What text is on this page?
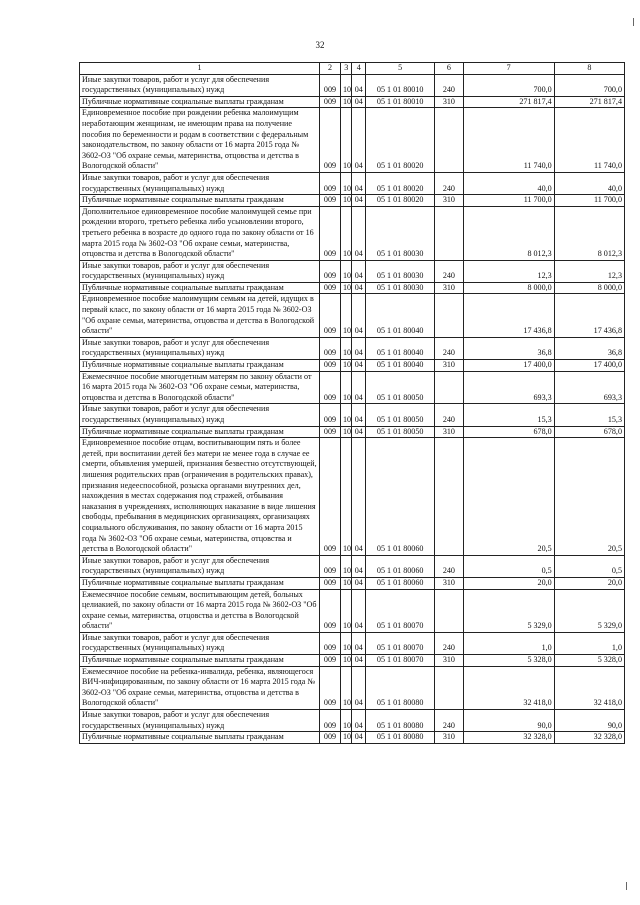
32
1	2	3	4	5	6	7	8
Иные закупки товаров, работ и услуг для обеспечения государственных (муниципальных) нужд	009	10	04	05 1 01 80010	240	700,0	700,0
Публичные нормативные социальные выплаты гражданам	009	10	04	05 1 01 80010	310	271 817,4	271 817,4
Единовременное пособие при рождении ребенка малоимущим неработающим женщинам, не имеющим права на получение пособия по беременности и родам в соответствии с федеральным законодательством, по закону области от 16 марта 2015 года № 3602-ОЗ "Об охране семьи, материнства, отцовства и детства в Вологодской области"	009	10	04	05 1 01 80020		11 740,0	11 740,0
Иные закупки товаров, работ и услуг для обеспечения государственных (муниципальных) нужд	009	10	04	05 1 01 80020	240	40,0	40,0
Публичные нормативные социальные выплаты гражданам	009	10	04	05 1 01 80020	310	11 700,0	11 700,0
Дополнительное единовременное пособие малоимущей семье при рождении второго, третьего ребенка либо усыновлении второго, третьего ребенка в возрасте до одного года по закону области от 16 марта 2015 года № 3602-ОЗ "Об охране семьи, материнства, отцовства и детства в Вологодской области"	009	10	04	05 1 01 80030		8 012,3	8 012,3
Иные закупки товаров, работ и услуг для обеспечения государственных (муниципальных) нужд	009	10	04	05 1 01 80030	240	12,3	12,3
Публичные нормативные социальные выплаты гражданам	009	10	04	05 1 01 80030	310	8 000,0	8 000,0
Единовременное пособие малоимущим семьям на детей, идущих в первый класс, по закону области от 16 марта 2015 года № 3602-ОЗ "Об охране семьи, материнства, отцовства и детства в Вологодской области"	009	10	04	05 1 01 80040		17 436,8	17 436,8
Иные закупки товаров, работ и услуг для обеспечения государственных (муниципальных) нужд	009	10	04	05 1 01 80040	240	36,8	36,8
Публичные нормативные социальные выплаты гражданам	009	10	04	05 1 01 80040	310	17 400,0	17 400,0
Ежемесячное пособие многодетным матерям по закону области от 16 марта 2015 года № 3602-ОЗ "Об охране семьи, материнства, отцовства и детства в Вологодской области"	009	10	04	05 1 01 80050		693,3	693,3
Иные закупки товаров, работ и услуг для обеспечения государственных (муниципальных) нужд	009	10	04	05 1 01 80050	240	15,3	15,3
Публичные нормативные социальные выплаты гражданам	009	10	04	05 1 01 80050	310	678,0	678,0
Единовременное пособие отцам, воспитывающим пять и более детей, при воспитании детей без матери не менее года в случае ее смерти, объявления умершей, признания безвестно отсутствующей, лишения родительских прав (ограничения в родительских правах), признания недееспособной, розыска органами внутренних дел, нахождения в местах содержания под стражей, отбывания наказания в учреждениях, исполняющих наказание в виде лишения свободы, пребывания в медицинских организациях, организациях социального обслуживания, по закону области от 16 марта 2015 года № 3602-ОЗ "Об охране семьи, материнства, отцовства и детства в Вологодской области"	009	10	04	05 1 01 80060		20,5	20,5
Иные закупки товаров, работ и услуг для обеспечения государственных (муниципальных) нужд	009	10	04	05 1 01 80060	240	0,5	0,5
Публичные нормативные социальные выплаты гражданам	009	10	04	05 1 01 80060	310	20,0	20,0
Ежемесячное пособие семьям, воспитывающим детей, больных целиакией, по закону области от 16 марта 2015 года № 3602-ОЗ "Об охране семьи, материнства, отцовства и детства в Вологодской области"	009	10	04	05 1 01 80070		5 329,0	5 329,0
Иные закупки товаров, работ и услуг для обеспечения государственных (муниципальных) нужд	009	10	04	05 1 01 80070	240	1,0	1,0
Публичные нормативные социальные выплаты гражданам	009	10	04	05 1 01 80070	310	5 328,0	5 328,0
Ежемесячное пособие на ребенка-инвалида, ребенка, являющегося ВИЧ-инфицированным, по закону области от 16 марта 2015 года № 3602-ОЗ "Об охране семьи, материнства, отцовства и детства в Вологодской области"	009	10	04	05 1 01 80080		32 418,0	32 418,0
Иные закупки товаров, работ и услуг для обеспечения государственных (муниципальных) нужд	009	10	04	05 1 01 80080	240	90,0	90,0
Публичные нормативные социальные выплаты гражданам	009	10	04	05 1 01 80080	310	32 328,0	32 328,0
